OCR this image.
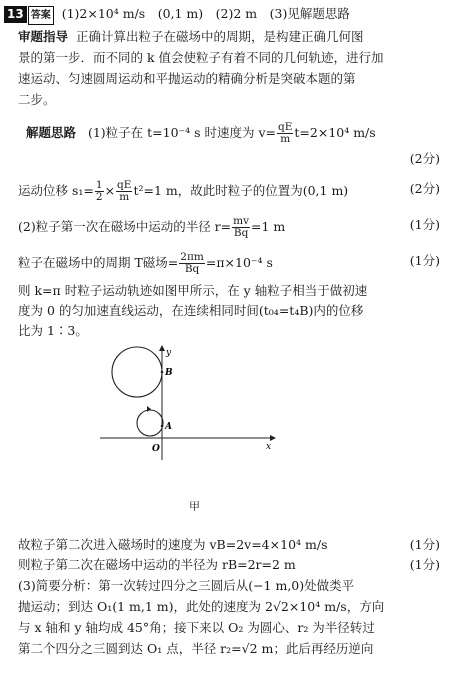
13 答案 (1)2×10⁴ m/s　(0,1 m)　(2)2 m　(3)见解题思路
审题指导 正确计算出粒子在磁场中的周期，是构建正确几何图
景的第一步．而不同的 k 值会使粒子有着不同的几何轨迹，进行加
速运动、匀速圆周运动和平抛运动的精确分析是突破本题的第
二步。
解题思路 (1)粒子在 t=10⁻⁴ s 时速度为 $v= \frac{qE}{m} t=2\times 10^4$ m/s
(2分)
运动位移 $s_1= \frac{1}{2} \times \frac{qE}{m} t^2=1$ m，故此时粒子的位置为(0,1 m)	(2分)
(2)粒子第一次在磁场中运动的半径 $r= \frac{mv}{Bq} =1$ m	(1分)
粒子在磁场中的周期 T磁场= $\frac{2\pi m}{Bq} =\pi\times 10^{-4}$ s	(1分)
则 k=π 时粒子运动轨迹如图甲所示，在 y 轴粒子相当于做初速
度为 0 的匀加速直线运动，在连续相同时间(t₀₄=t₄B)内的位移
比为 1∶3。
y
x
O
A
B
甲
故粒子第二次进入磁场时的速度为 vB=2v=4×10⁴ m/s	(1分)
则粒子第二次在磁场中运动的半径为 rB=2r=2 m	(1分)
(3)简要分析：第一次转过四分之三圆后从(−1 m,0)处做类平
抛运动；到达 O₁(1 m,1 m)，此处的速度为 2√2×10⁴ m/s，方向
与 x 轴和 y 轴均成 45°角；接下来以 O₂ 为圆心、r₂ 为半径转过
第二个四分之三圆到达 O₁ 点，半径 r₂=√2 m；此后再经历逆向
